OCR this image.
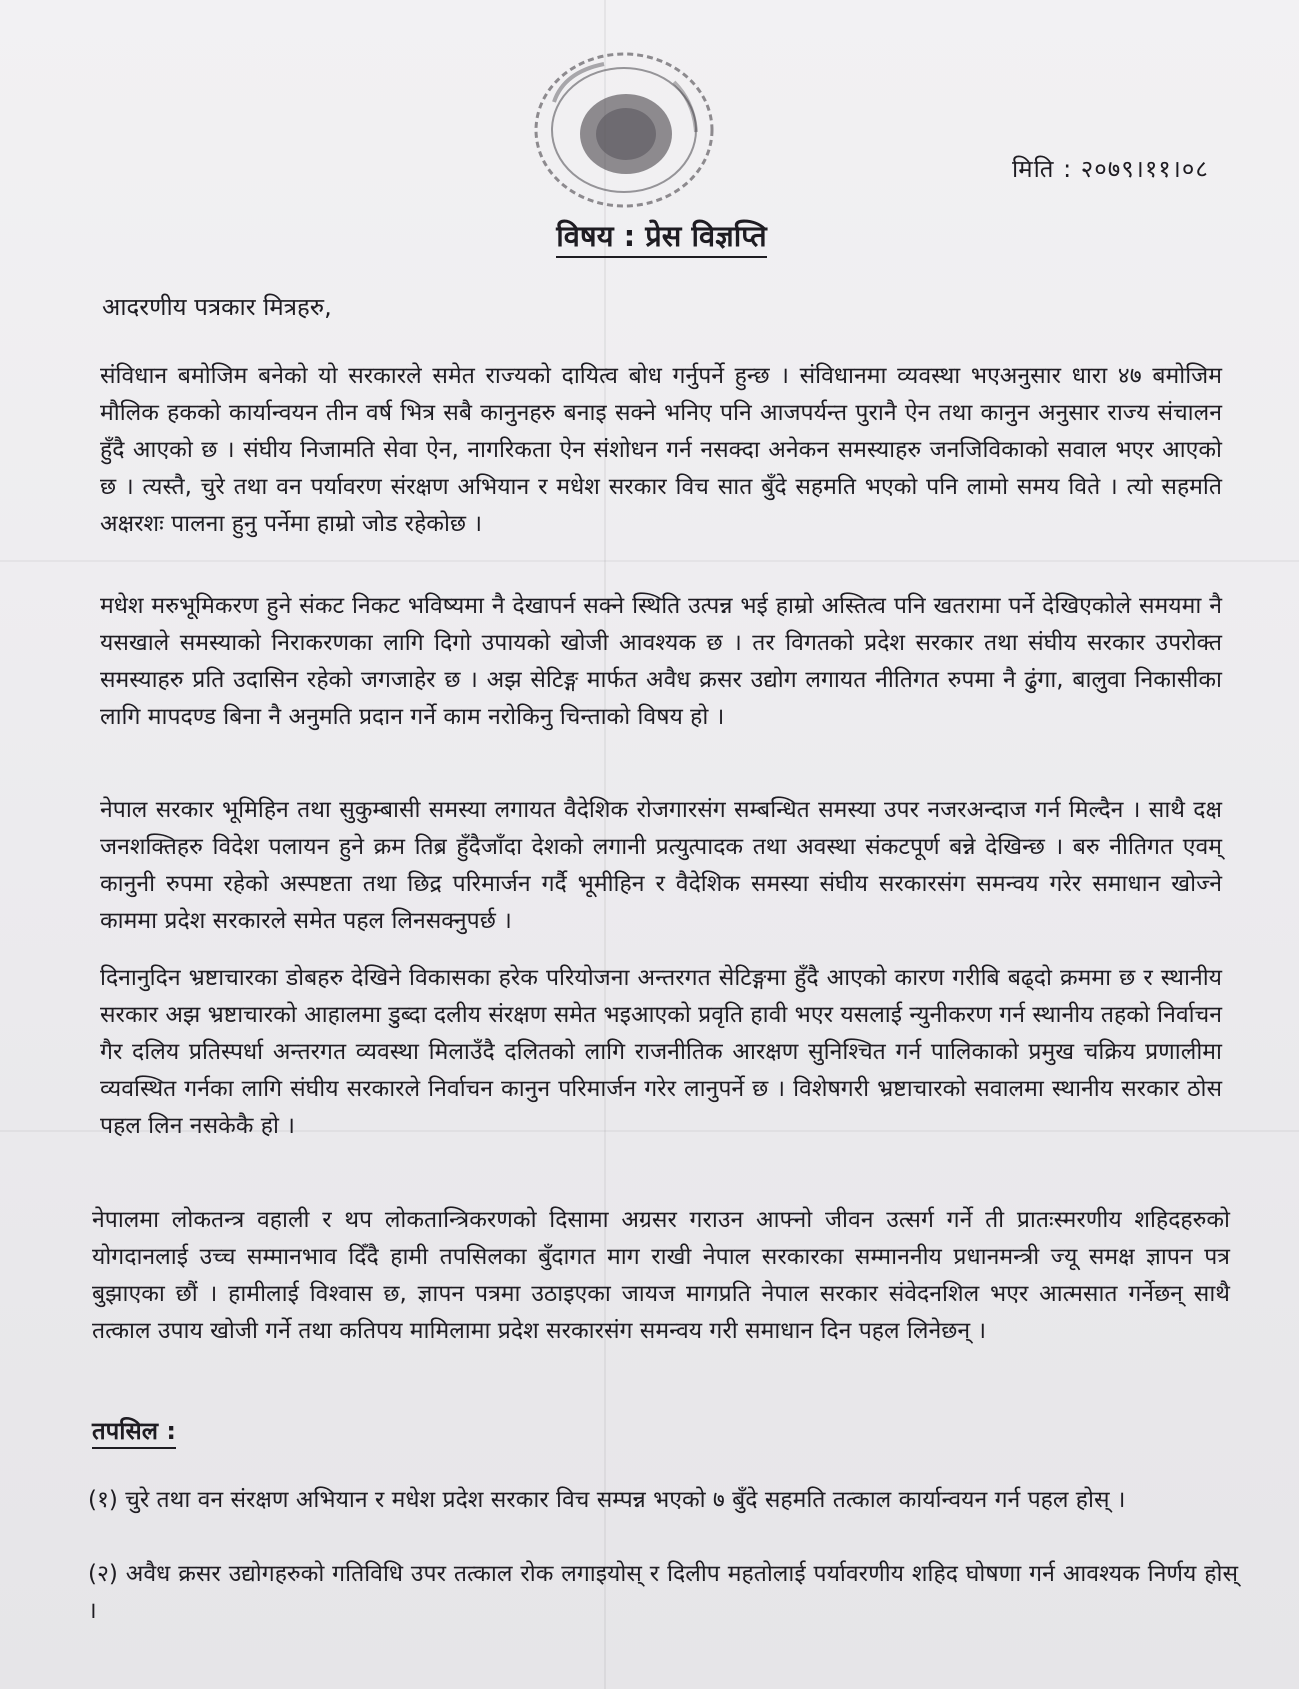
मिति : २०७९।११।०८
विषय : प्रेस विज्ञप्ति
आदरणीय पत्रकार मित्रहरु,
संविधान बमोजिम बनेको यो सरकारले समेत राज्यको दायित्व बोध गर्नुपर्ने हुन्छ । संविधानमा व्यवस्था भएअनुसार धारा ४७ बमोजिम मौलिक हकको कार्यान्वयन तीन वर्ष भित्र सबै कानुनहरु बनाइ सक्ने भनिए पनि आजपर्यन्त पुरानै ऐन तथा कानुन अनुसार राज्य संचालन हुँदै आएको छ । संघीय निजामति सेवा ऐन, नागरिकता ऐन संशोधन गर्न नसक्दा अनेकन समस्याहरु जनजिविकाको सवाल भएर आएको छ । त्यस्तै, चुरे तथा वन पर्यावरण संरक्षण अभियान र मधेश सरकार विच सात बुँदे सहमति भएको पनि लामो समय विते । त्यो सहमति अक्षरशः पालना हुनु पर्नेमा हाम्रो जोड रहेकोछ ।
मधेश मरुभूमिकरण हुने संकट निकट भविष्यमा नै देखापर्न सक्ने स्थिति उत्पन्न भई हाम्रो अस्तित्व पनि खतरामा पर्ने देखिएकोले समयमा नै यसखाले समस्याको निराकरणका लागि दिगो उपायको खोजी आवश्यक छ । तर विगतको प्रदेश सरकार तथा संघीय सरकार उपरोक्त समस्याहरु प्रति उदासिन रहेको जगजाहेर छ । अझ सेटिङ्ग मार्फत अवैध क्रसर उद्योग लगायत नीतिगत रुपमा नै ढुंगा, बालुवा निकासीका लागि मापदण्ड बिना नै अनुमति प्रदान गर्ने काम नरोकिनु चिन्ताको विषय हो ।
नेपाल सरकार भूमिहिन तथा सुकुम्बासी समस्या लगायत वैदेशिक रोजगारसंग सम्बन्धित समस्या उपर नजरअन्दाज गर्न मिल्दैन । साथै दक्ष जनशक्तिहरु विदेश पलायन हुने क्रम तिब्र हुँदैजाँदा देशको लगानी प्रत्युत्पादक तथा अवस्था संकटपूर्ण बन्ने देखिन्छ । बरु नीतिगत एवम् कानुनी रुपमा रहेको अस्पष्टता तथा छिद्र परिमार्जन गर्दै भूमीहिन र वैदेशिक समस्या संघीय सरकारसंग समन्वय गरेर समाधान खोज्ने काममा प्रदेश सरकारले समेत पहल लिनसक्नुपर्छ ।
दिनानुदिन भ्रष्टाचारका डोबहरु देखिने विकासका हरेक परियोजना अन्तरगत सेटिङ्गमा हुँदै आएको कारण गरीबि बढ्दो क्रममा छ र स्थानीय सरकार अझ भ्रष्टाचारको आहालमा डुब्दा दलीय संरक्षण समेत भइआएको प्रवृति हावी भएर यसलाई न्युनीकरण गर्न स्थानीय तहको निर्वाचन गैर दलिय प्रतिस्पर्धा अन्तरगत व्यवस्था मिलाउँदै दलितको लागि राजनीतिक आरक्षण सुनिश्चित गर्न पालिकाको प्रमुख चक्रिय प्रणालीमा व्यवस्थित गर्नका लागि संघीय सरकारले निर्वाचन कानुन परिमार्जन गरेर लानुपर्ने छ । विशेषगरी भ्रष्टाचारको सवालमा स्थानीय सरकार ठोस पहल लिन नसकेकै हो ।
नेपालमा लोकतन्त्र वहाली र थप लोकतान्त्रिकरणको दिसामा अग्रसर गराउन आफ्नो जीवन उत्सर्ग गर्ने ती प्रातःस्मरणीय शहिदहरुको योगदानलाई उच्च सम्मानभाव दिँदै हामी तपसिलका बुँदागत माग राखी नेपाल सरकारका सम्माननीय प्रधानमन्त्री ज्यू समक्ष ज्ञापन पत्र बुझाएका छौं । हामीलाई विश्वास छ, ज्ञापन पत्रमा उठाइएका जायज मागप्रति नेपाल सरकार संवेदनशिल भएर आत्मसात गर्नेछन् साथै तत्काल उपाय खोजी गर्ने तथा कतिपय मामिलामा प्रदेश सरकारसंग समन्वय गरी समाधान दिन पहल लिनेछन् ।
तपसिल :
(१) चुरे तथा वन संरक्षण अभियान र मधेश प्रदेश सरकार विच सम्पन्न भएको ७ बुँदे सहमति तत्काल कार्यान्वयन गर्न पहल होस् ।
(२) अवैध क्रसर उद्योगहरुको गतिविधि उपर तत्काल रोक लगाइयोस् र दिलीप महतोलाई पर्यावरणीय शहिद घोषणा गर्न आवश्यक निर्णय होस् ।
